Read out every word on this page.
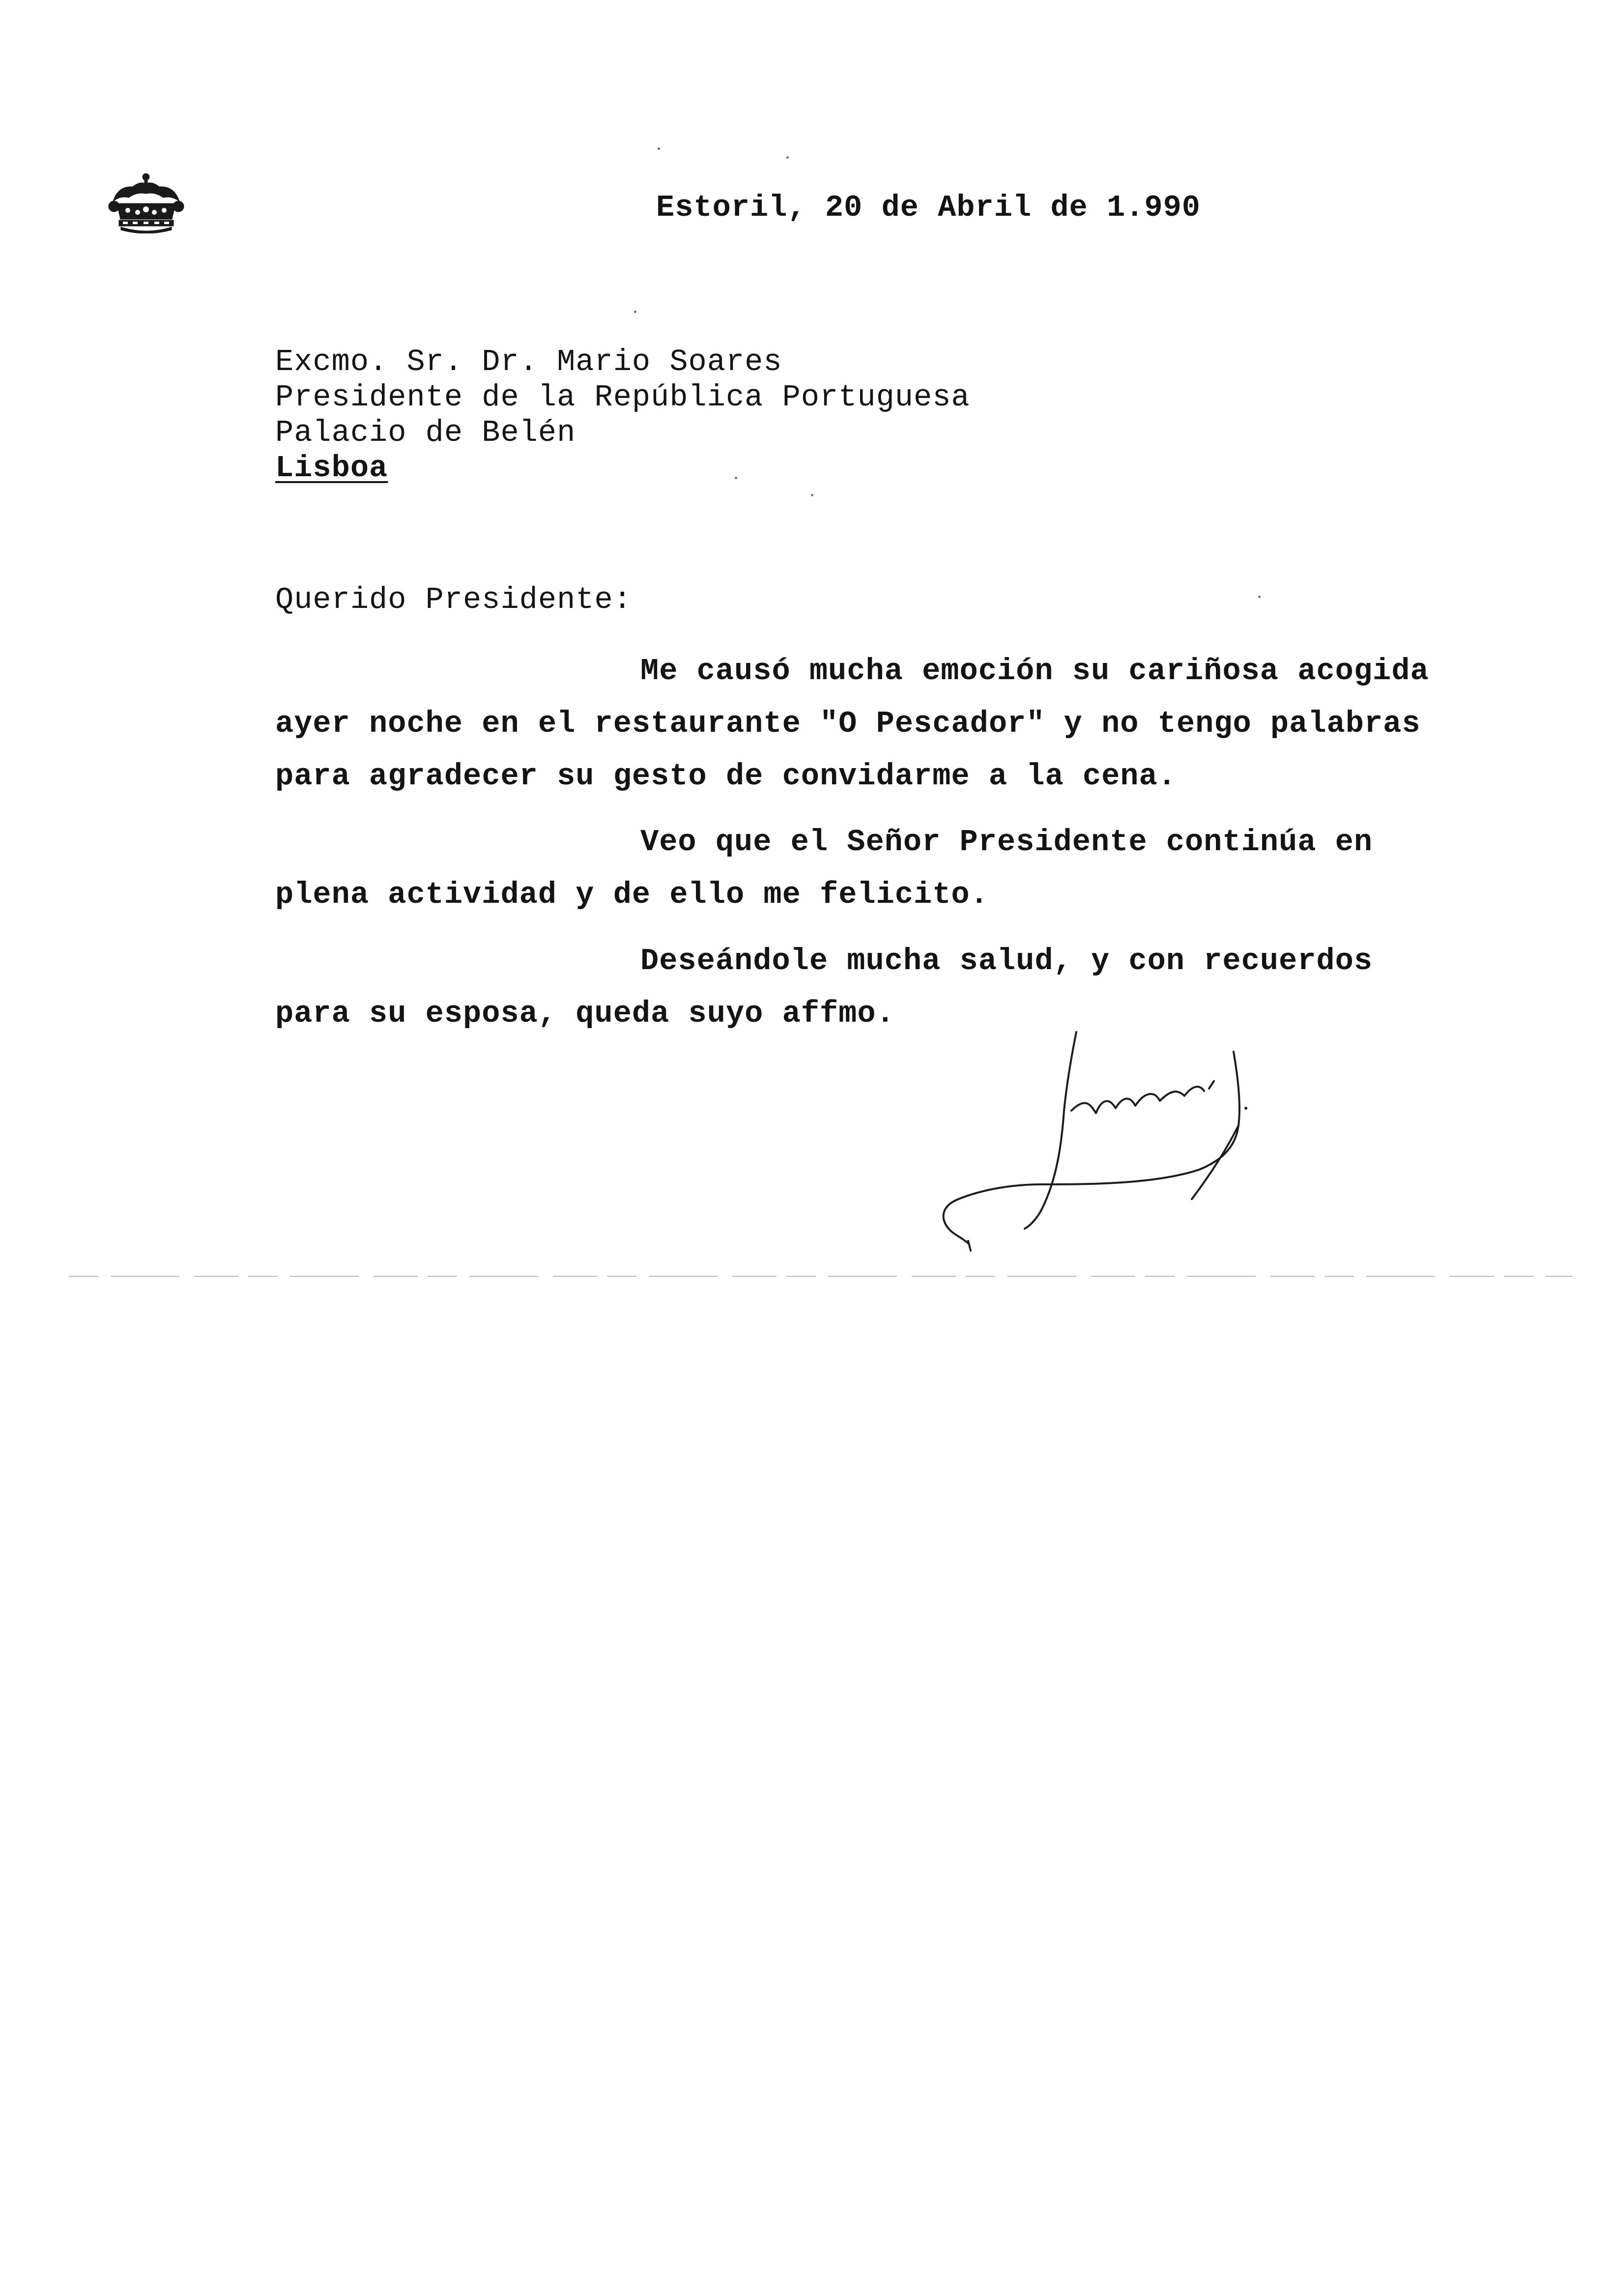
Estoril, 20 de Abril de 1.990
Excmo. Sr. Dr. Mario Soares
Presidente de la República Portuguesa
Palacio de Belén
Lisboa
Querido Presidente:
Me causó mucha emoción su cariñosa acogida
ayer noche en el restaurante "O Pescador" y no tengo palabras
para agradecer su gesto de convidarme a la cena.
Veo que el Señor Presidente continúa en
plena actividad y de ello me felicito.
Deseándole mucha salud, y con recuerdos
para su esposa, queda suyo affmo.
